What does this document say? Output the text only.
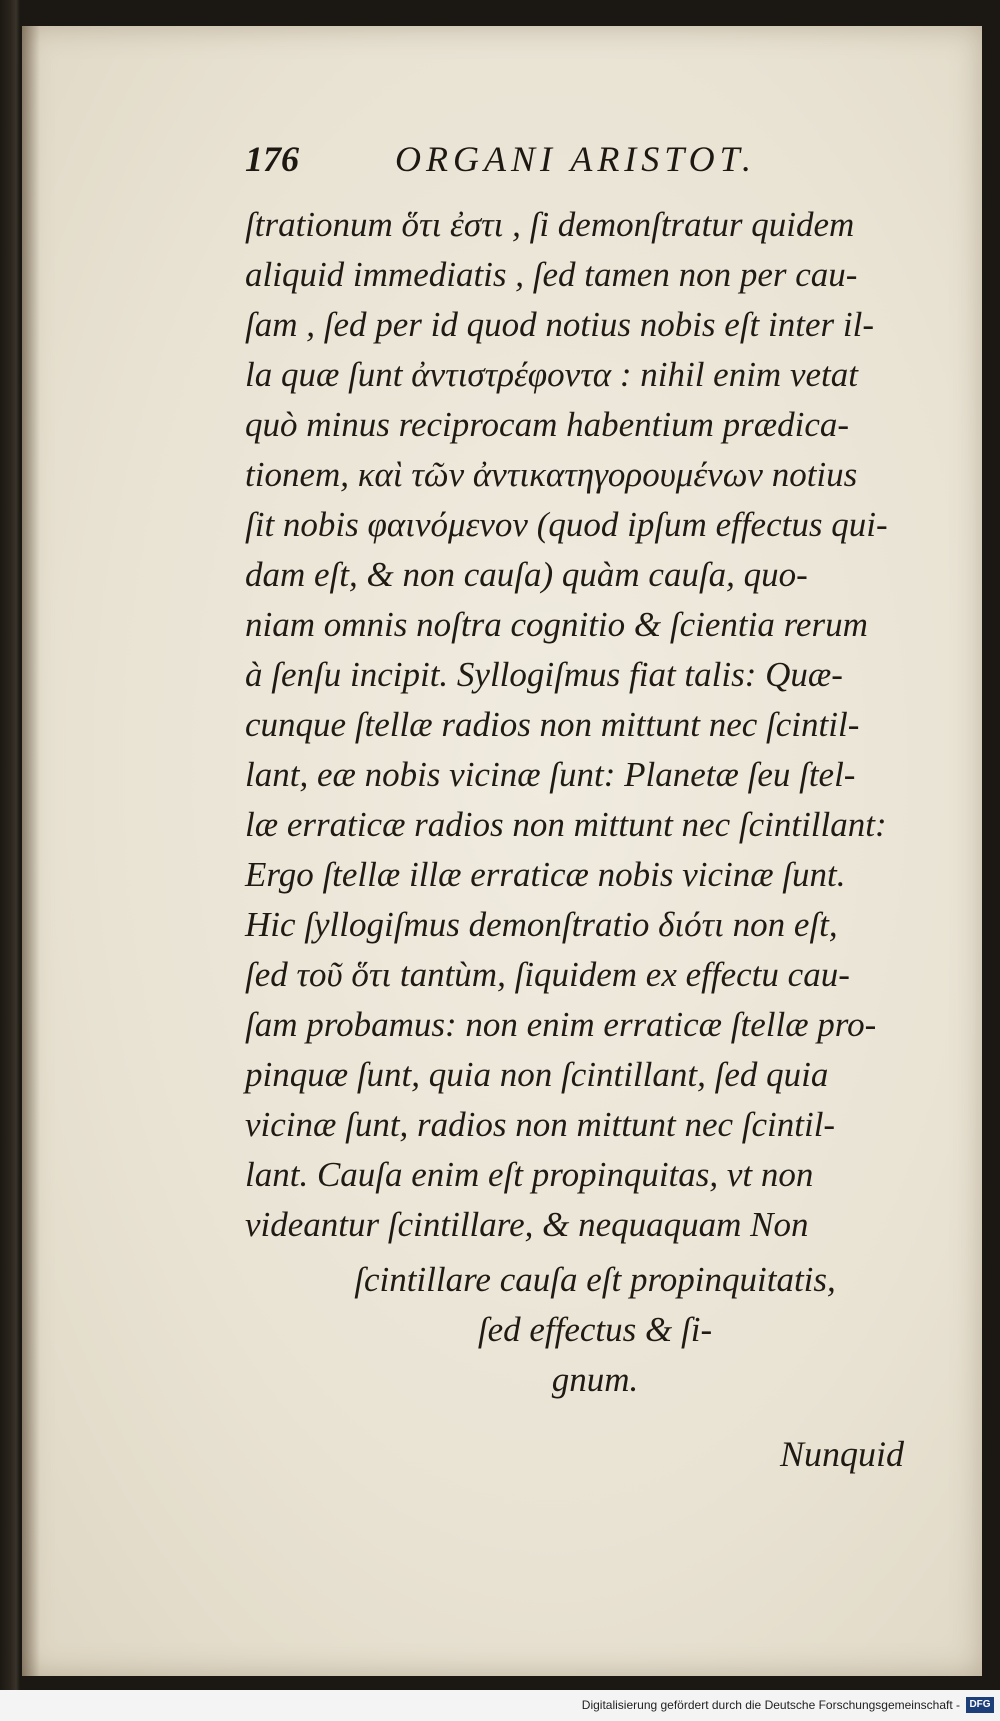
176	ORGANI ARISTOT.
ſtrationum ὅτι ἐστι , ſi demonſtratur quidem
aliquid immediatis , ſed tamen non per cau-
ſam , ſed per id quod notius nobis eſt inter il-
la quæ ſunt ἀντιστρέφοντα : nihil enim vetat
quò minus reciprocam habentium prædica-
tionem, καὶ τῶν ἀντικατηγορουμένων notius
ſit nobis φαινόμενον (quod ipſum effectus qui-
dam eſt, & non cauſa) quàm cauſa, quo-
niam omnis noſtra cognitio & ſcientia rerum
à ſenſu incipit. Syllogiſmus fiat talis: Quæ-
cunque ſtellæ radios non mittunt nec ſcintil-
lant, eæ nobis vicinæ ſunt: Planetæ ſeu ſtel-
læ erraticæ radios non mittunt nec ſcintillant:
Ergo ſtellæ illæ erraticæ nobis vicinæ ſunt.
Hic ſyllogiſmus demonſtratio διότι non eſt,
ſed τοῦ ὅτι tantùm, ſiquidem ex effectu cau-
ſam probamus: non enim erraticæ ſtellæ pro-
pinquæ ſunt, quia non ſcintillant, ſed quia
vicinæ ſunt, radios non mittunt nec ſcintil-
lant. Cauſa enim eſt propinquitas, vt non
videantur ſcintillare, & nequaquam Non
ſcintillare cauſa eſt propinquitatis,
ſed effectus & ſi-
gnum.
Nunquid
Digitalisierung gefördert durch die Deutsche Forschungsgemeinschaft - DFG
